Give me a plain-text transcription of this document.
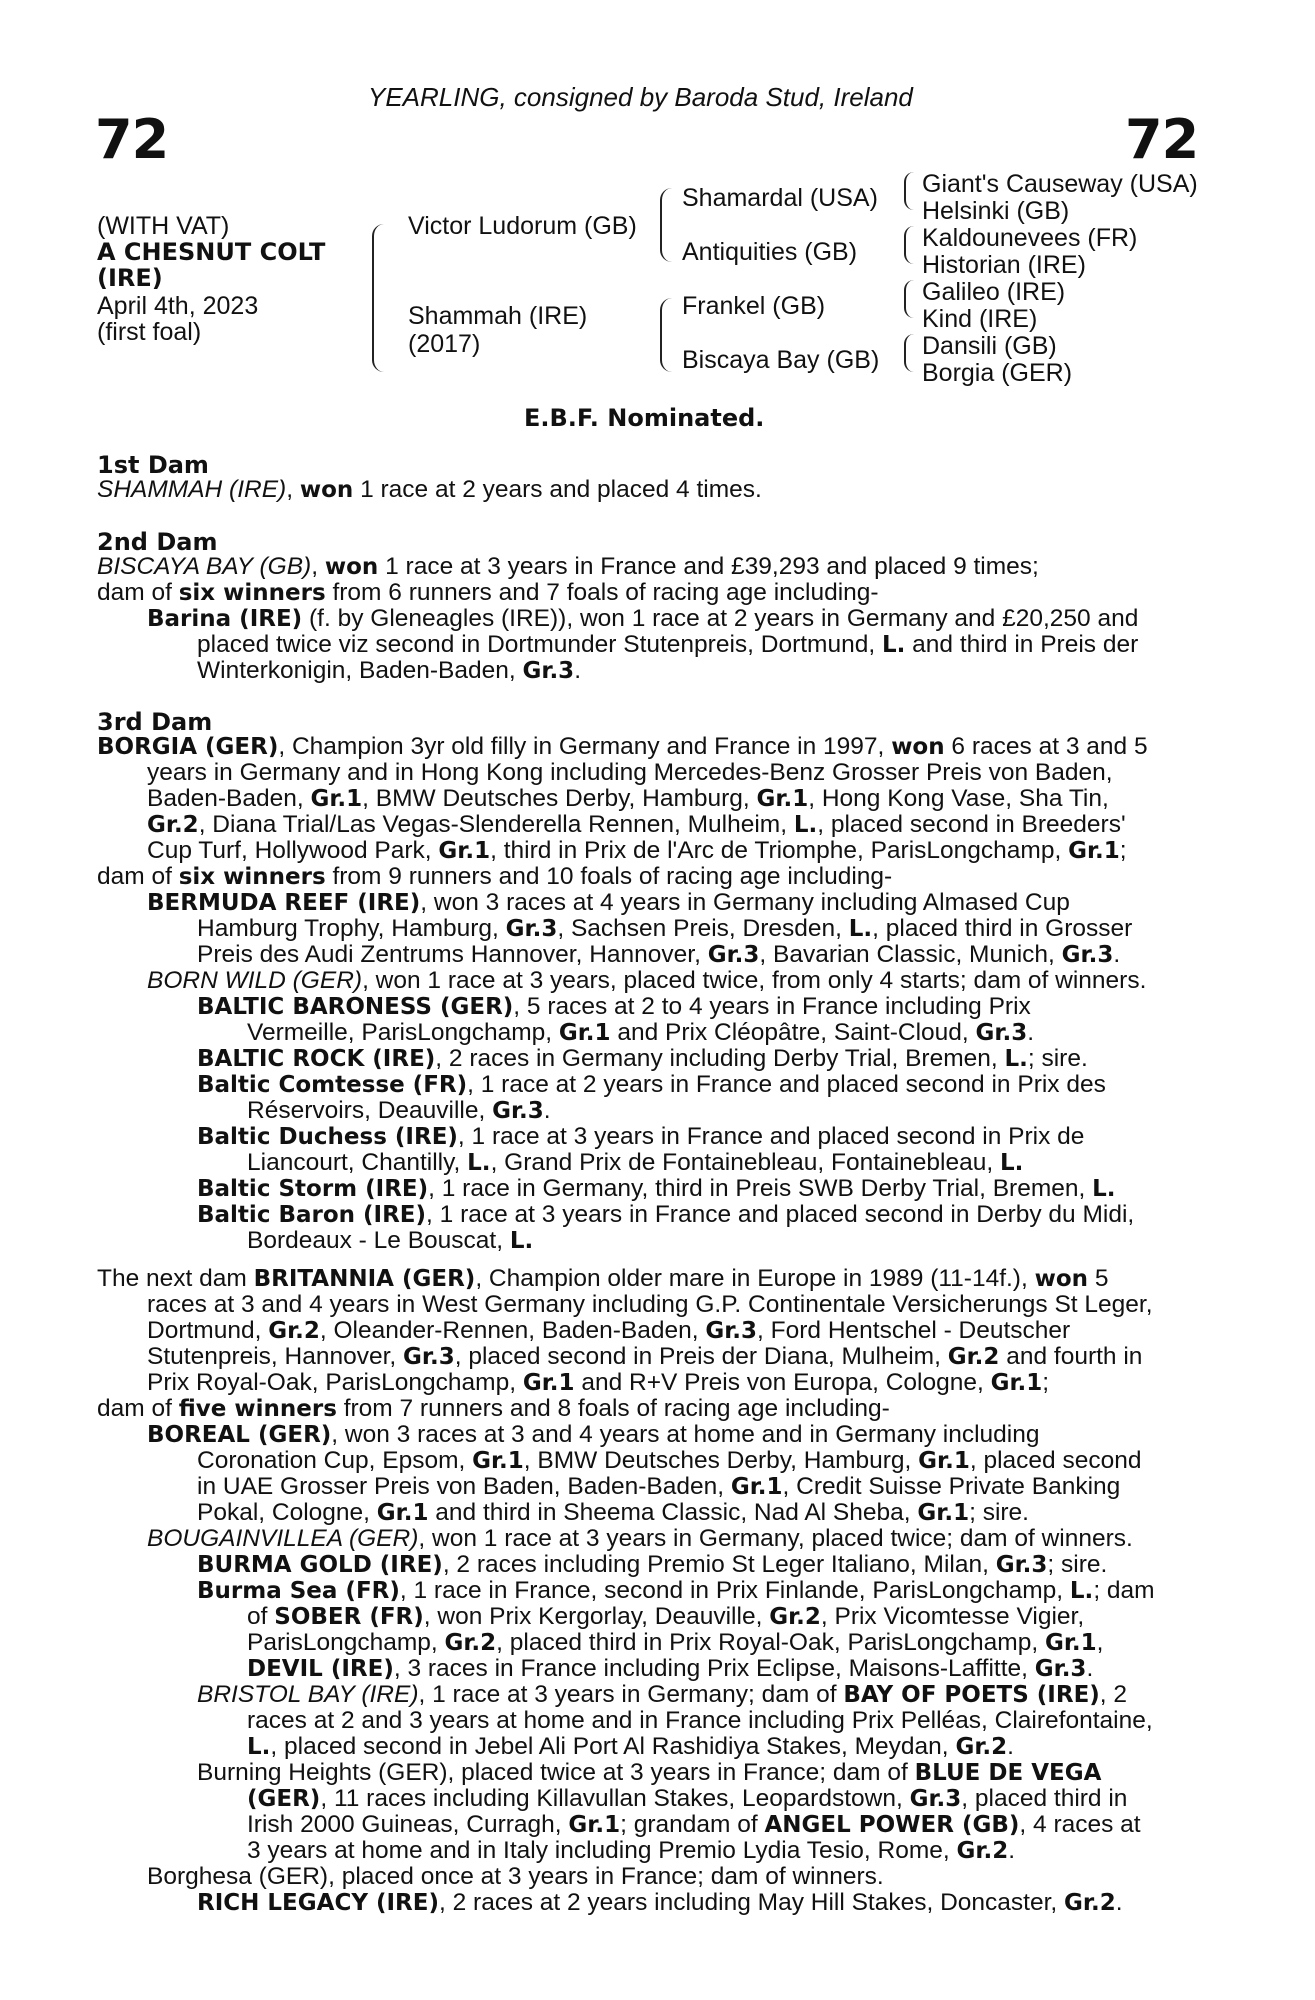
72	72
YEARLING, consigned by Baroda Stud, Ireland
(WITH VAT)
A CHESNUT COLT
(IRE)
April 4th, 2023
(first foal)
Victor Ludorum (GB)
Shammah (IRE)
(2017)
Shamardal (USA)
Antiquities (GB)
Frankel (GB)
Biscaya Bay (GB)
Giant's Causeway (USA)
Helsinki (GB)
Kaldounevees (FR)
Historian (IRE)
Galileo (IRE)
Kind (IRE)
Dansili (GB)
Borgia (GER)
E.B.F. Nominated.
1st Dam
SHAMMAH (IRE), won 1 race at 2 years and placed 4 times.
2nd Dam
BISCAYA BAY (GB), won 1 race at 3 years in France and £39,293 and placed 9 times;
dam of six winners from 6 runners and 7 foals of racing age including-
Barina (IRE) (f. by Gleneagles (IRE)), won 1 race at 2 years in Germany and £20,250 and
placed twice viz second in Dortmunder Stutenpreis, Dortmund, L. and third in Preis der
Winterkonigin, Baden-Baden, Gr.3.
3rd Dam
BORGIA (GER), Champion 3yr old filly in Germany and France in 1997, won 6 races at 3 and 5
years in Germany and in Hong Kong including Mercedes-Benz Grosser Preis von Baden,
Baden-Baden, Gr.1, BMW Deutsches Derby, Hamburg, Gr.1, Hong Kong Vase, Sha Tin,
Gr.2, Diana Trial/Las Vegas-Slenderella Rennen, Mulheim, L., placed second in Breeders'
Cup Turf, Hollywood Park, Gr.1, third in Prix de l'Arc de Triomphe, ParisLongchamp, Gr.1;
dam of six winners from 9 runners and 10 foals of racing age including-
BERMUDA REEF (IRE), won 3 races at 4 years in Germany including Almased Cup
Hamburg Trophy, Hamburg, Gr.3, Sachsen Preis, Dresden, L., placed third in Grosser
Preis des Audi Zentrums Hannover, Hannover, Gr.3, Bavarian Classic, Munich, Gr.3.
BORN WILD (GER), won 1 race at 3 years, placed twice, from only 4 starts; dam of winners.
BALTIC BARONESS (GER), 5 races at 2 to 4 years in France including Prix
Vermeille, ParisLongchamp, Gr.1 and Prix Cléopâtre, Saint-Cloud, Gr.3.
BALTIC ROCK (IRE), 2 races in Germany including Derby Trial, Bremen, L.; sire.
Baltic Comtesse (FR), 1 race at 2 years in France and placed second in Prix des
Réservoirs, Deauville, Gr.3.
Baltic Duchess (IRE), 1 race at 3 years in France and placed second in Prix de
Liancourt, Chantilly, L., Grand Prix de Fontainebleau, Fontainebleau, L.
Baltic Storm (IRE), 1 race in Germany, third in Preis SWB Derby Trial, Bremen, L.
Baltic Baron (IRE), 1 race at 3 years in France and placed second in Derby du Midi,
Bordeaux - Le Bouscat, L.
The next dam BRITANNIA (GER), Champion older mare in Europe in 1989 (11-14f.), won 5
races at 3 and 4 years in West Germany including G.P. Continentale Versicherungs St Leger,
Dortmund, Gr.2, Oleander-Rennen, Baden-Baden, Gr.3, Ford Hentschel - Deutscher
Stutenpreis, Hannover, Gr.3, placed second in Preis der Diana, Mulheim, Gr.2 and fourth in
Prix Royal-Oak, ParisLongchamp, Gr.1 and R+V Preis von Europa, Cologne, Gr.1;
dam of five winners from 7 runners and 8 foals of racing age including-
BOREAL (GER), won 3 races at 3 and 4 years at home and in Germany including
Coronation Cup, Epsom, Gr.1, BMW Deutsches Derby, Hamburg, Gr.1, placed second
in UAE Grosser Preis von Baden, Baden-Baden, Gr.1, Credit Suisse Private Banking
Pokal, Cologne, Gr.1 and third in Sheema Classic, Nad Al Sheba, Gr.1; sire.
BOUGAINVILLEA (GER), won 1 race at 3 years in Germany, placed twice; dam of winners.
BURMA GOLD (IRE), 2 races including Premio St Leger Italiano, Milan, Gr.3; sire.
Burma Sea (FR), 1 race in France, second in Prix Finlande, ParisLongchamp, L.; dam
of SOBER (FR), won Prix Kergorlay, Deauville, Gr.2, Prix Vicomtesse Vigier,
ParisLongchamp, Gr.2, placed third in Prix Royal-Oak, ParisLongchamp, Gr.1,
DEVIL (IRE), 3 races in France including Prix Eclipse, Maisons-Laffitte, Gr.3.
BRISTOL BAY (IRE), 1 race at 3 years in Germany; dam of BAY OF POETS (IRE), 2
races at 2 and 3 years at home and in France including Prix Pelléas, Clairefontaine,
L., placed second in Jebel Ali Port Al Rashidiya Stakes, Meydan, Gr.2.
Burning Heights (GER), placed twice at 3 years in France; dam of BLUE DE VEGA
(GER), 11 races including Killavullan Stakes, Leopardstown, Gr.3, placed third in
Irish 2000 Guineas, Curragh, Gr.1; grandam of ANGEL POWER (GB), 4 races at
3 years at home and in Italy including Premio Lydia Tesio, Rome, Gr.2.
Borghesa (GER), placed once at 3 years in France; dam of winners.
RICH LEGACY (IRE), 2 races at 2 years including May Hill Stakes, Doncaster, Gr.2.
